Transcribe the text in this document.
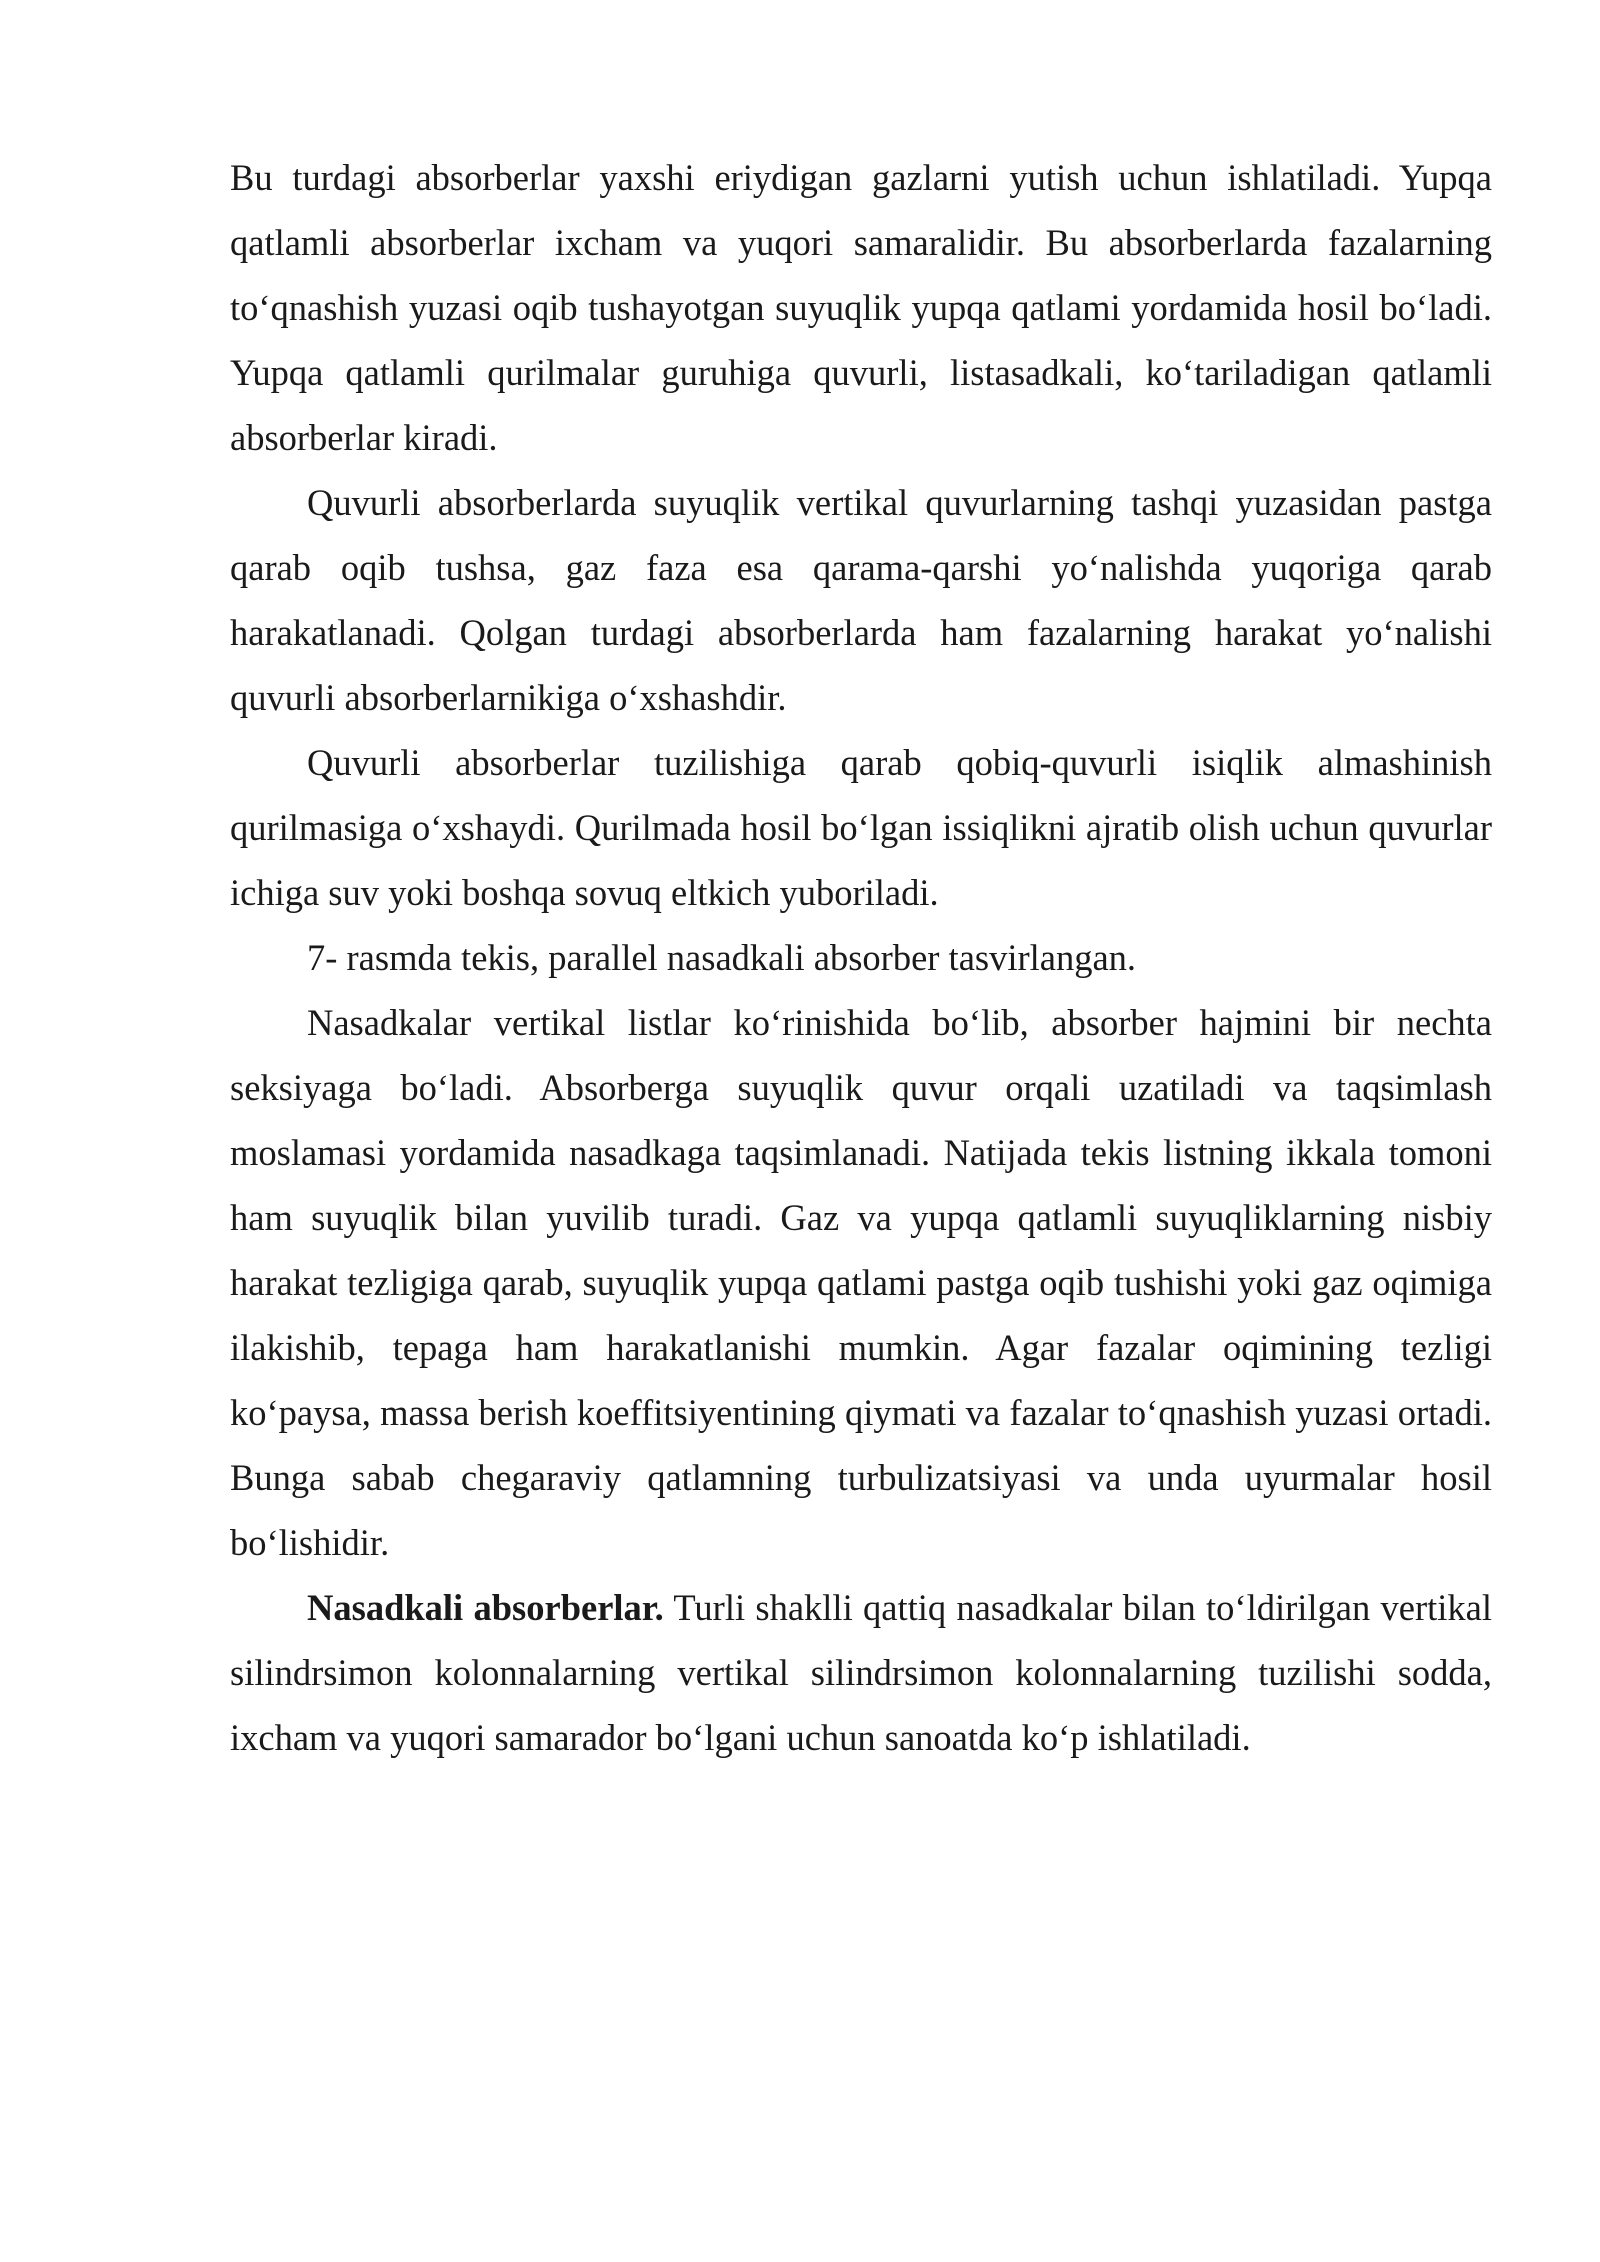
Bu turdagi absorberlar yaxshi eriydigan gazlarni yutish uchun ishlatiladi. Yupqa qatlamli absorberlar ixcham va yuqori samaralidir. Bu absorberlarda fazalarning to‘qnashish yuzasi oqib tushayotgan suyuqlik yupqa qatlami yordamida hosil bo‘ladi. Yupqa qatlamli qurilmalar guruhiga quvurli, listasadkali, ko‘tariladigan qatlamli absorberlar kiradi.

Quvurli absorberlarda suyuqlik vertikal quvurlarning tashqi yuzasidan pastga qarab oqib tushsa, gaz faza esa qarama-qarshi yo‘nalishda yuqoriga qarab harakatlanadi. Qolgan turdagi absorberlarda ham fazalarning harakat yo‘nalishi quvurli absorberlarnikiga o‘xshashdir.

Quvurli absorberlar tuzilishiga qarab qobiq-quvurli isiqlik almashinish qurilmasiga o‘xshaydi. Qurilmada hosil bo‘lgan issiqlikni ajratib olish uchun quvurlar ichiga suv yoki boshqa sovuq eltkich yuboriladi.

7- rasmda tekis, parallel nasadkali absorber tasvirlangan.

Nasadkalar vertikal listlar ko‘rinishida bo‘lib, absorber hajmini bir nechta seksiyaga bo‘ladi. Absorberga suyuqlik quvur orqali uzatiladi va taqsimlash moslamasi yordamida nasadkaga taqsimlanadi. Natijada tekis listning ikkala tomoni ham suyuqlik bilan yuvilib turadi. Gaz va yupqa qatlamli suyuqliklarning nisbiy harakat tezligiga qarab, suyuqlik yupqa qatlami pastga oqib tushishi yoki gaz oqimiga ilakishib, tepaga ham harakatlanishi mumkin. Agar fazalar oqimining tezligi ko‘paysa, massa berish koeffitsiyentining qiymati va fazalar to‘qnashish yuzasi ortadi. Bunga sabab chegaraviy qatlamning turbulizatsiyasi va unda uyurmalar hosil bo‘lishidir.

Nasadkali absorberlar. Turli shaklli qattiq nasadkalar bilan to‘ldirilgan vertikal silindrsimon kolonnalarning vertikal silindrsimon kolonnalarning tuzilishi sodda, ixcham va yuqori samarador bo‘lgani uchun sanoatda ko‘p ishlatiladi.
